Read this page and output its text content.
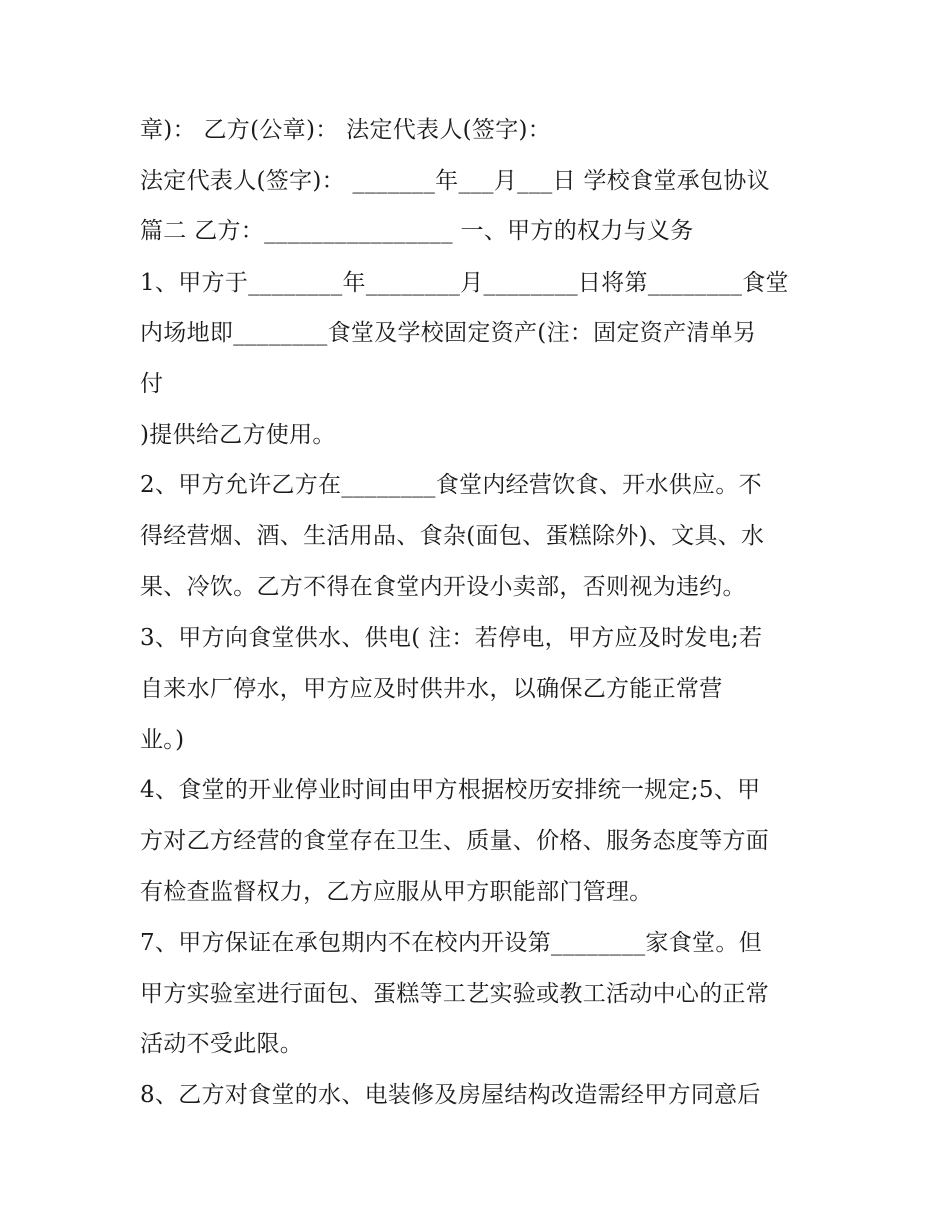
章)： 乙方(公章)： 法定代表人(签字)：

法定代表人(签字)： _______年___月___日 学校食堂承包协议

篇二 乙方：________________ 一、甲方的权力与义务

1、甲方于________年________月________日将第________食堂

内场地即________食堂及学校固定资产(注：固定资产清单另

付

)提供给乙方使用。

2、甲方允许乙方在________食堂内经营饮食、开水供应。不

得经营烟、酒、生活用品、食杂(面包、蛋糕除外)、文具、水

果、冷饮。乙方不得在食堂内开设小卖部，否则视为违约。

3、甲方向食堂供水、供电( 注：若停电，甲方应及时发电;若

自来水厂停水，甲方应及时供井水，以确保乙方能正常营

业。)

4、食堂的开业停业时间由甲方根据校历安排统一规定;5、甲

方对乙方经营的食堂存在卫生、质量、价格、服务态度等方面

有检查监督权力，乙方应服从甲方职能部门管理。

7、甲方保证在承包期内不在校内开设第________家食堂。但

甲方实验室进行面包、蛋糕等工艺实验或教工活动中心的正常

活动不受此限。

8、乙方对食堂的水、电装修及房屋结构改造需经甲方同意后
